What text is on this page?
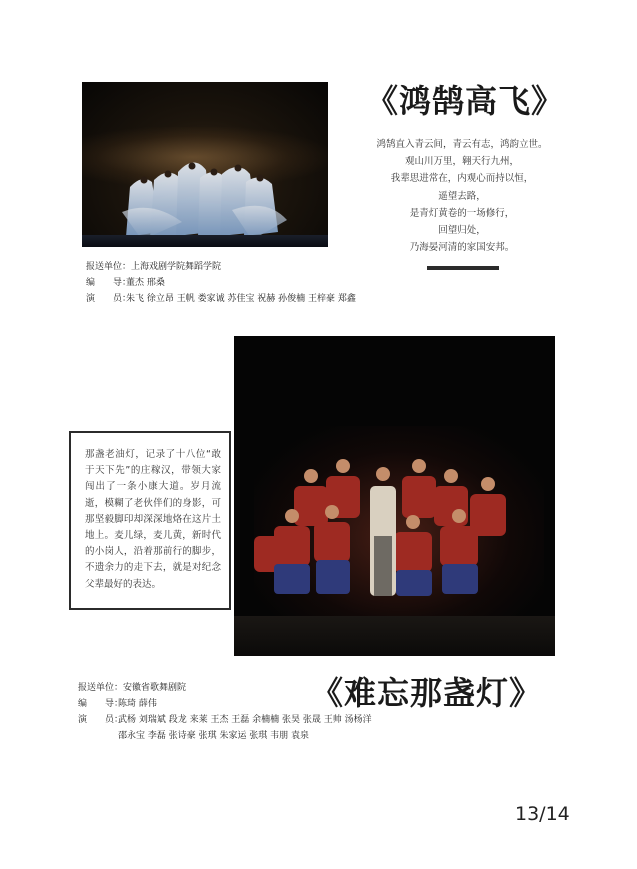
《鸿鹄高飞》
鸿鹄直入青云间，青云有志，鸿韵立世。
观山川万里，翱天行九州，
我辈思进常在，内观心而持以恒，
遥望去路，
是青灯黄卷的一场修行，
回望归处，
乃海晏河清的家国安邦。
报送单位：上海戏剧学院舞蹈学院
编　　导：
董杰 邢桑
演　　员：
朱飞 徐立昂 王帆 娄家诚 苏佳宝 祝赫 孙俊楠 王梓豪 郑鑫
那盏老油灯，记录了十八位“敢于天下先”的庄稼汉，带领大家闯出了一条小康大道。岁月流逝，模糊了老伙伴们的身影，可那坚毅脚印却深深地烙在这片土地上。麦儿绿，麦儿黄，新时代的小岗人，沿着那前行的脚步，不遗余力的走下去，就是对纪念父辈最好的表达。
《难忘那盏灯》
报送单位：安徽省歌舞剧院
编　　导：
陈琦 薛伟
演　　员：
武杨 刘瑞斌 段龙 来莱 王杰 王磊 余楠楠 张昊 张晟 王帅 汤杨洋
邵永宝 李磊 张诗豪 张琪 朱家运 张琪 韦朋 袁泉
13/14
